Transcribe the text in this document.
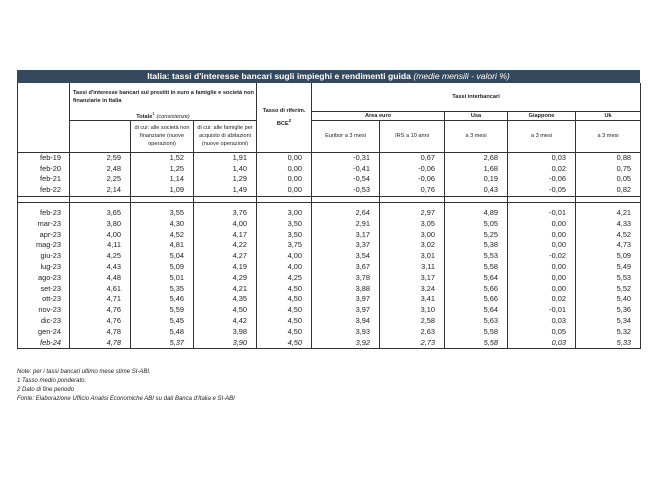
Italia: tassi d'interesse bancari sugli impieghi e rendimenti guida (medie mensili - valori %)
	Tassi d'interesse bancari sui prestiti in euro a famiglie e società non finanziarie in Italia			Tasso di riferim. BCE$^2$	Tassi interbancari				
	Totale$^1$ (consistenze)				Area euro		Usa	Giappone	Uk
		di cui: alle società non finanziarie (nuove operazioni)	di cui: alle famiglie per acquisto di abitazioni (nuove operazioni)		Euribor a 3 mesi	IRS a 10 anni	a 3 mesi	a 3 mesi	a 3 mesi

feb-19	2,59	1,52	1,91	0,00	-0,31	0,67	2,68	0,03	0,88
feb-20	2,48	1,25	1,40	0,00	-0,41	-0,06	1,68	0,02	0,75
feb-21	2,25	1,14	1,29	0,00	-0,54	-0,06	0,19	-0,06	0,05
feb-22	2,14	1,09	1,49	0,00	-0,53	0,76	0,43	-0,05	0,82

feb-23	3,65	3,55	3,76	3,00	2,64	2,97	4,89	-0,01	4,21
mar-23	3,80	4,30	4,00	3,50	2,91	3,05	5,05	0,00	4,33
apr-23	4,00	4,52	4,17	3,50	3,17	3,00	5,25	0,00	4,52
mag-23	4,11	4,81	4,22	3,75	3,37	3,02	5,38	0,00	4,73
giu-23	4,25	5,04	4,27	4,00	3,54	3,01	5,53	-0,02	5,09
lug-23	4,43	5,09	4,19	4,00	3,67	3,11	5,58	0,00	5,49
ago-23	4,48	5,01	4,29	4,25	3,78	3,17	5,64	0,00	5,53
set-23	4,61	5,35	4,21	4,50	3,88	3,24	5,66	0,00	5,52
ott-23	4,71	5,46	4,35	4,50	3,97	3,41	5,66	0,02	5,40
nov-23	4,76	5,59	4,50	4,50	3,97	3,10	5,64	-0,01	5,36
dic-23	4,76	5,45	4,42	4,50	3,94	2,58	5,63	0,03	5,34
gen-24	4,78	5,48	3,98	4,50	3,93	2,63	5,58	0,05	5,32
feb-24	4,78	5,37	3,90	4,50	3,92	2,73	5,58	0,03	5,33
Note: per i tassi bancari ultimo mese stime SI-ABI.
1 Tasso medio ponderato.
2 Dato di fine periodo
Fonte: Elaborazione Ufficio Analisi Economiche ABI su dati Banca d'Italia e SI-ABI
